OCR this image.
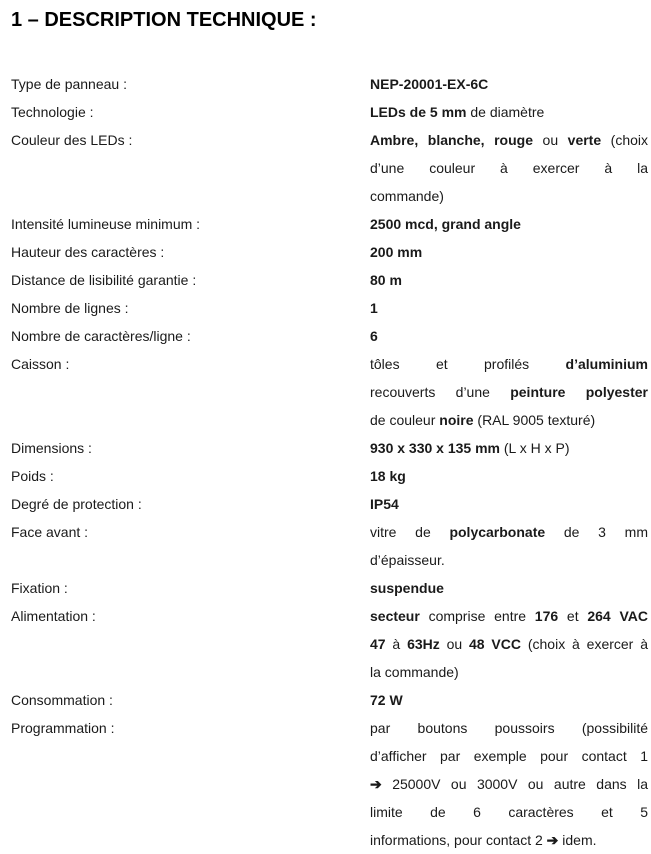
1 – DESCRIPTION TECHNIQUE :
Type de panneau :	NEP-20001-EX-6C
Technologie :	LEDs de 5 mm de diamètre
Couleur des LEDs :	Ambre, blanche, rouge ou verte (choix
d’une couleur à exercer à la
commande)
Intensité lumineuse minimum :	2500 mcd, grand angle
Hauteur des caractères :	200 mm
Distance de lisibilité garantie :	80 m
Nombre de lignes :	1
Nombre de caractères/ligne :	6
Caisson :	tôles et profilés d’aluminium
recouverts d’une peinture polyester
de couleur noire (RAL 9005 texturé)
Dimensions :	930 x 330 x 135 mm (L x H x P)
Poids :	18 kg
Degré de protection :	IP54
Face avant :	vitre de polycarbonate de 3 mm
d’épaisseur.
Fixation :	suspendue
Alimentation :	secteur comprise entre 176 et 264 VAC
47 à 63Hz ou 48 VCC (choix à exercer à
la commande)
Consommation :	72 W
Programmation :	par boutons poussoirs (possibilité
d’afficher par exemple pour contact 1
➔ 25000V ou 3000V ou autre dans la
limite de 6 caractères et 5
informations, pour contact 2 ➔ idem.
